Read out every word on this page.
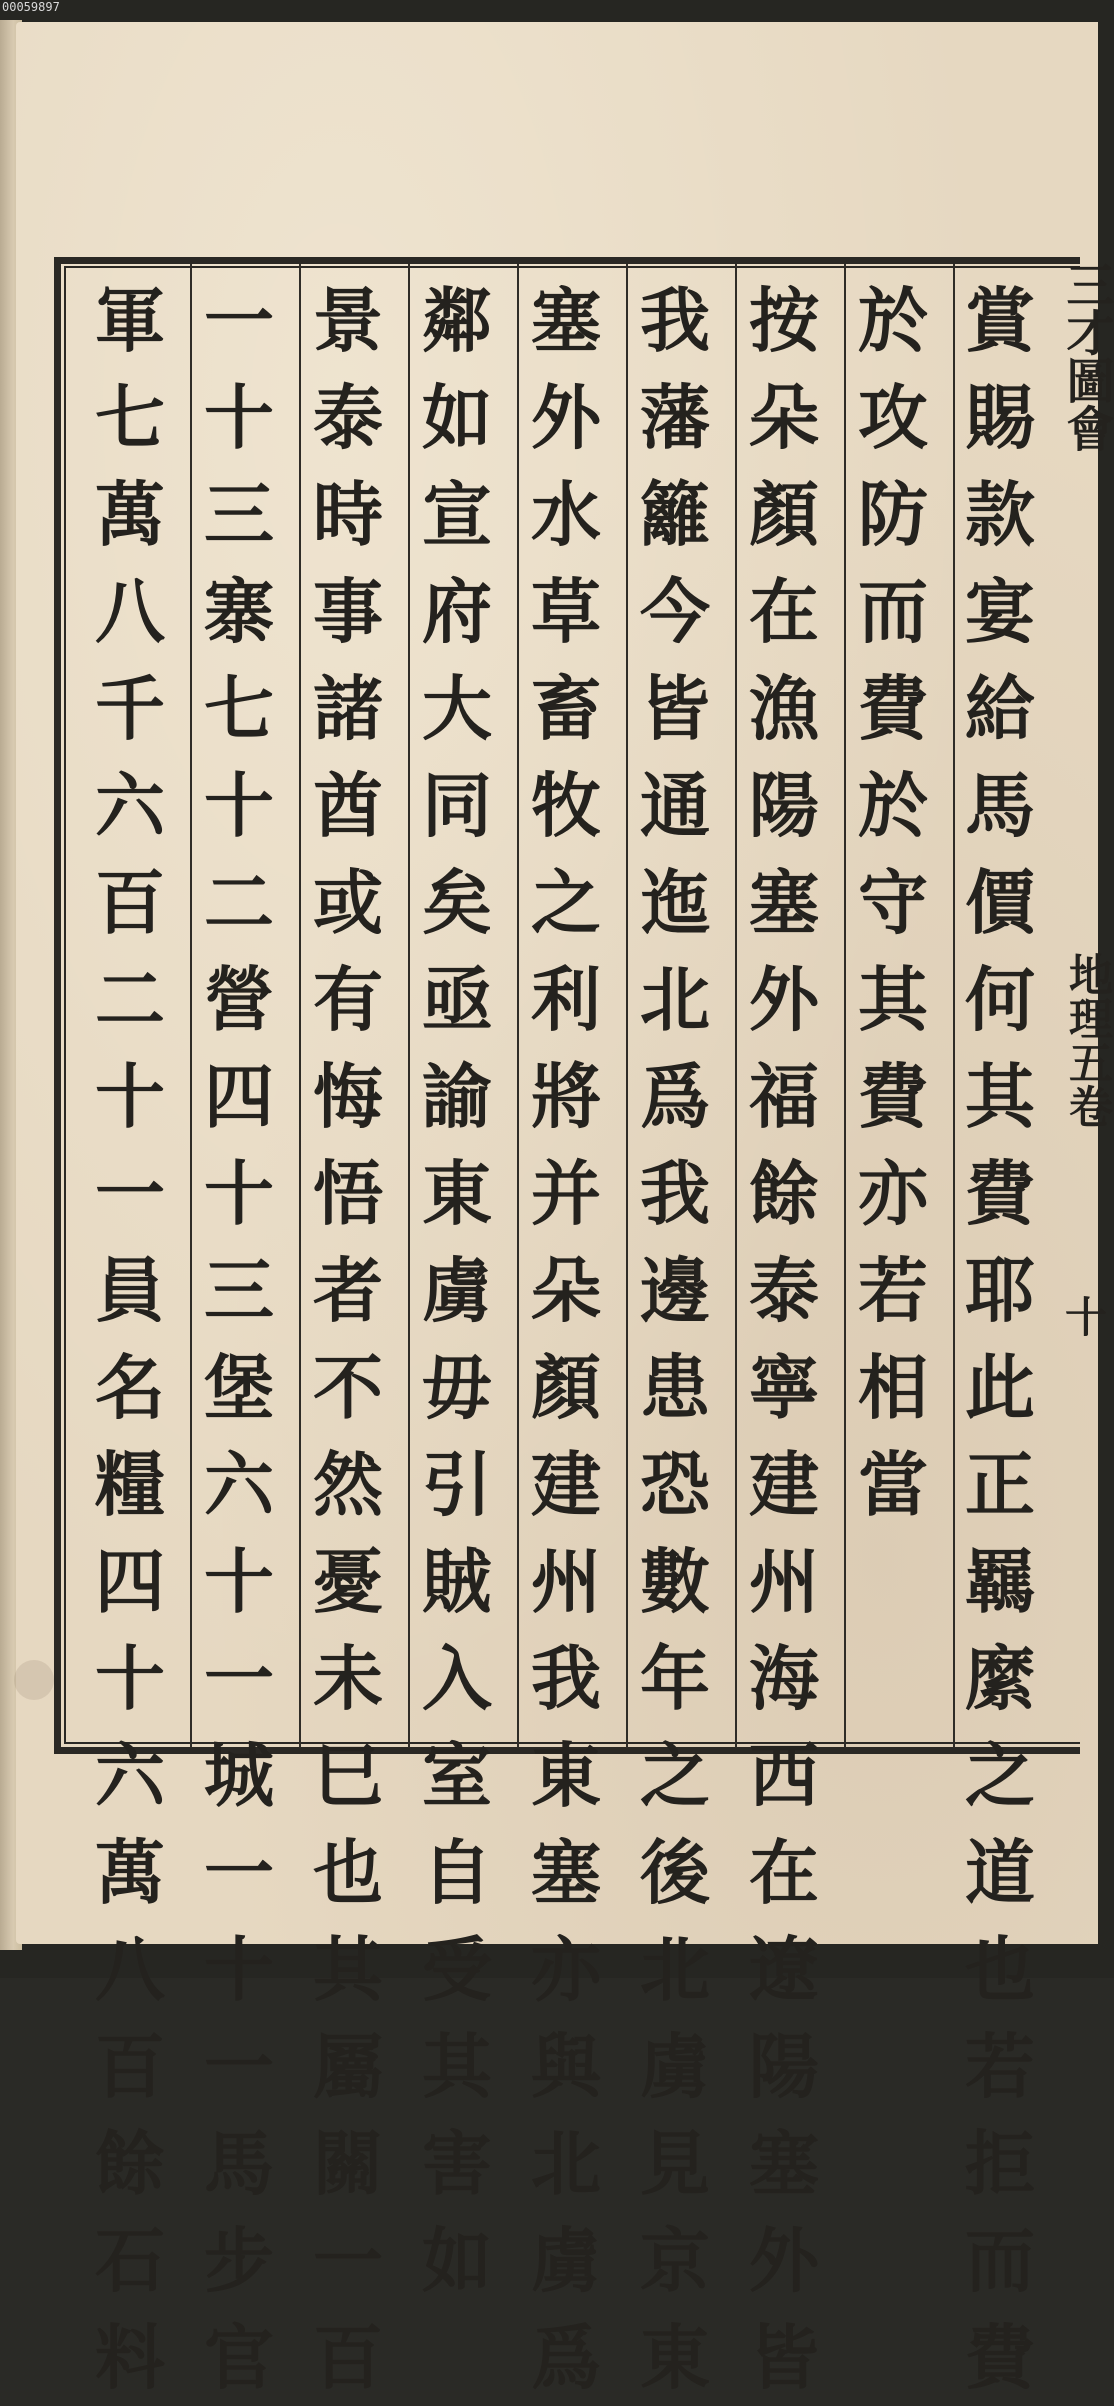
00059897
三才圖會
地理五卷
十
賞
賜
款
宴
給
馬
價
何
其
費
耶
此
正
羈
縻
之
道
也
若
拒
而
費
於
攻
防
而
費
於
守
其
費
亦
若
相
當
按
朵
顏
在
漁
陽
塞
外
福
餘
泰
寧
建
州
海
西
在
遼
陽
塞
外
皆
我
藩
籬
今
皆
通
迤
北
爲
我
邊
患
恐
數
年
之
後
北
虜
見
京
東
塞
外
水
草
畜
牧
之
利
將
并
朵
顏
建
州
我
東
塞
亦
與
北
虜
爲
鄰
如
宣
府
大
同
矣
亟
諭
東
虜
毋
引
賊
入
室
自
受
其
害
如
景
泰
時
事
諸
酋
或
有
悔
悟
者
不
然
憂
未
巳
也
其
屬
關
一
百
一
十
三
寨
七
十
二
營
四
十
三
堡
六
十
一
城
一
十
一
馬
步
官
軍
七
萬
八
千
六
百
二
十
一
員
名
糧
四
十
六
萬
八
百
餘
石
料
